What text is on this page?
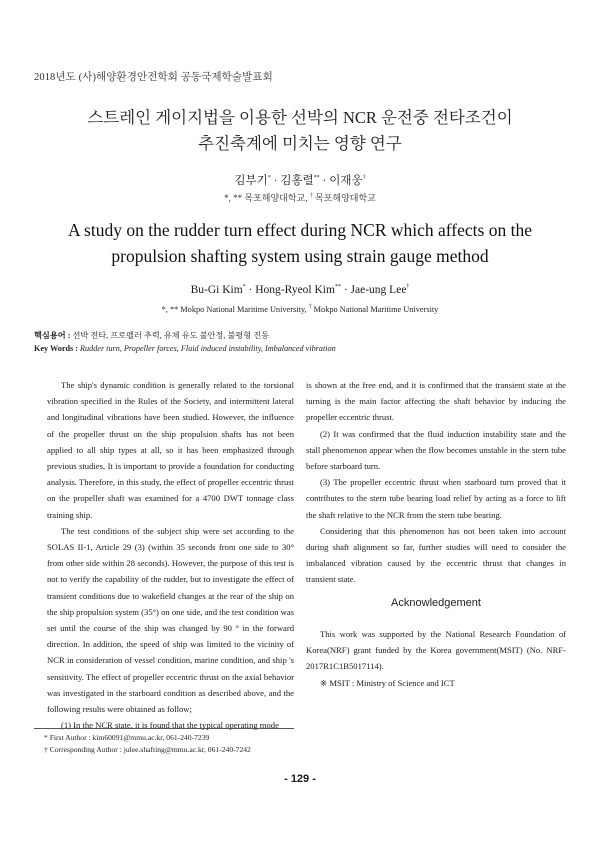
2018년도 (사)해양환경안전학회 공동국제학술발표회
스트레인 게이지법을 이용한 선박의 NCR 운전중 전타조건이
추진축계에 미치는 영향 연구
김부기* · 김홍렬** · 이재웅†
*, ** 목포해양대학교, † 목포해양대학교
A study on the rudder turn effect during NCR which affects on the
propulsion shafting system using strain gauge method
Bu-Gi Kim* · Hong-Ryeol Kim** · Jae-ung Lee†
*, ** Mokpo National Maritime University, † Mokpo National Maritime University
핵심용어 : 선박 전타, 프로펠러 추력, 유체 유도 불안정, 불평형 진동
Key Words : Rudder turn, Propeller forces, Fluid induced instability, Imbalanced vibration

The ship's dynamic condition is generally related to the torsional vibration specified in the Rules of the Society, and intermittent lateral and longitudinal vibrations have been studied. However, the influence of the propeller thrust on the ship propulsion shafts has not been applied to all ship types at all, so it has been emphasized through previous studies, It is important to provide a foundation for conducting analysis. Therefore, in this study, the effect of propeller eccentric thrust on the propeller shaft was examined for a 4700 DWT tonnage class training ship.

The test conditions of the subject ship were set according to the SOLAS II-1, Article 29 (3) (within 35 seconds from one side to 30° from other side within 28 seconds). However, the purpose of this test is not to verify the capability of the rudder, but to investigate the effect of transient conditions due to wakefield changes at the rear of the ship on the ship propulsion system (35°) on one side, and the test condition was set until the course of the ship was changed by 90 ° in the forward direction. In addition, the speed of ship was limited to the vicinity of NCR in consideration of vessel condition, marine condition, and ship 's sensitivity. The effect of propeller eccentric thrust on the axial behavior was investigated in the starboard condition as described above, and the following results were obtained as follow;

(1) In the NCR state, it is found that the typical operating mode

is shown at the free end, and it is confirmed that the transient state at the turning is the main factor affecting the shaft behavior by inducing the propeller eccentric thrust.

(2) It was confirmed that the fluid induction instability state and the stall phenomenon appear when the flow becomes unstable in the stern tube before starboard turn.

(3) The propeller eccentric thrust when starboard turn proved that it contributes to the stern tube bearing load relief by acting as a force to lift the shaft relative to the NCR from the stern tube bearing.

Considering that this phenomenon has not been taken into account during shaft alignment so far, further studies will need to consider the imbalanced vibration caused by the eccentric thrust that changes in transient state.

Acknowledgement

This work was supported by the National Research Foundation of Korea(NRF) grant funded by the Korea government(MSIT) (No. NRF-2017R1C1B5017114).

※ MSIT : Ministry of Science and ICT

* First Author : kim60091@mmu.ac.kr, 061-240-7239
† Corresponding Author : julee.shafting@mmu.ac.kr, 061-240-7242
- 129 -
